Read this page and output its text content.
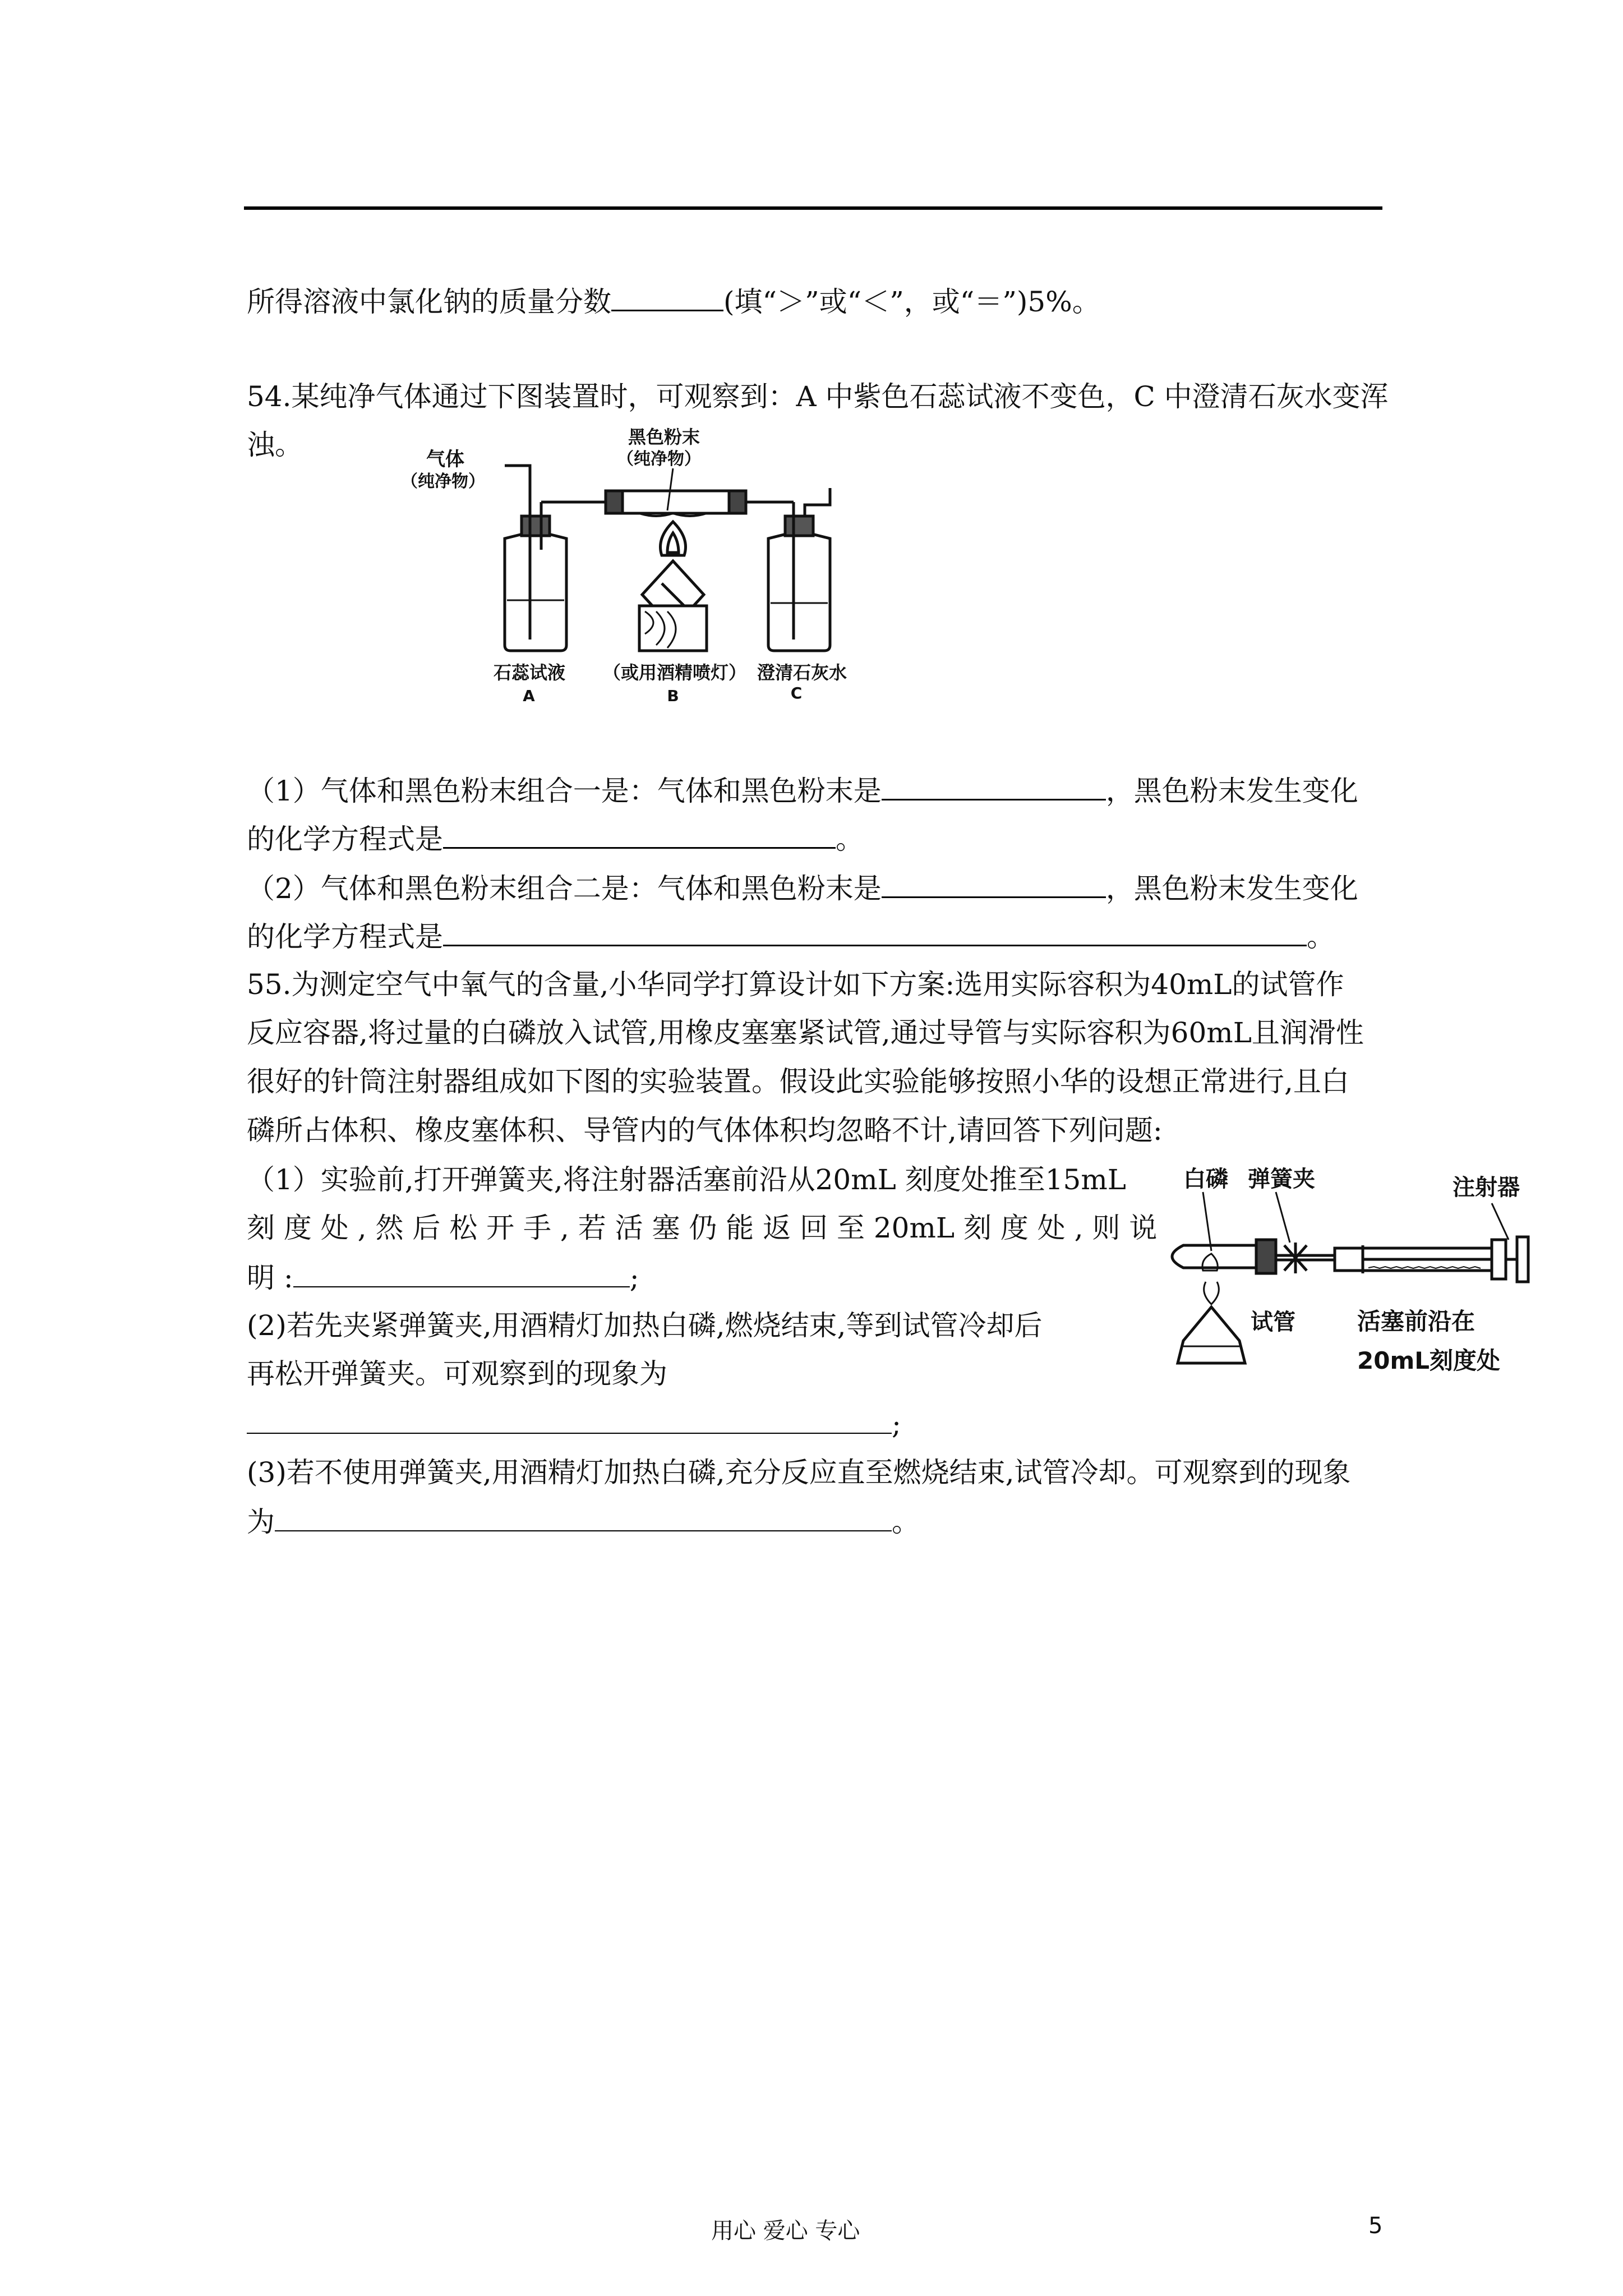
所得溶液中氯化钠的质量分数	(填“＞”或“＜”，或“＝”)5%。
54.某纯净气体通过下图装置时，可观察到：A 中紫色石蕊试液不变色，C 中澄清石灰水变浑
浊。	气体
（纯净物）
黑色粉末
（纯净物）
石蕊试液 （或用酒精喷灯） 澄清石灰水
A	B	C
（1）气体和黑色粉末组合一是：气体和黑色粉末是	，黑色粉末发生变化
的化学方程式是	。
（2）气体和黑色粉末组合二是：气体和黑色粉末是	，黑色粉末发生变化
的化学方程式是	。
55.为测定空气中氧气的含量,小华同学打算设计如下方案:选用实际容积为40mL的试管作
反应容器,将过量的白磷放入试管,用橡皮塞塞紧试管,通过导管与实际容积为60mL且润滑性
很好的针筒注射器组成如下图的实验装置。假设此实验能够按照小华的设想正常进行,且白
磷所占体积、橡皮塞体积、导管内的气体体积均忽略不计,请回答下列问题:
（1）实验前,打开弹簧夹,将注射器活塞前沿从20mL 刻度处推至15mL
刻 度 处 , 然 后 松 开 手 , 若 活 塞 仍 能 返 回 至 20mL 刻 度 处 , 则 说
明 :	;
(2)若先夹紧弹簧夹,用酒精灯加热白磷,燃烧结束,等到试管冷却后
再松开弹簧夹。可观察到的现象为
;
(3)若不使用弹簧夹,用酒精灯加热白磷,充分反应直至燃烧结束,试管冷却。可观察到的现象
为	。
白磷 弹簧夹	注射器
试管	活塞前沿在
20mL刻度处
用心 爱心 专心	5
